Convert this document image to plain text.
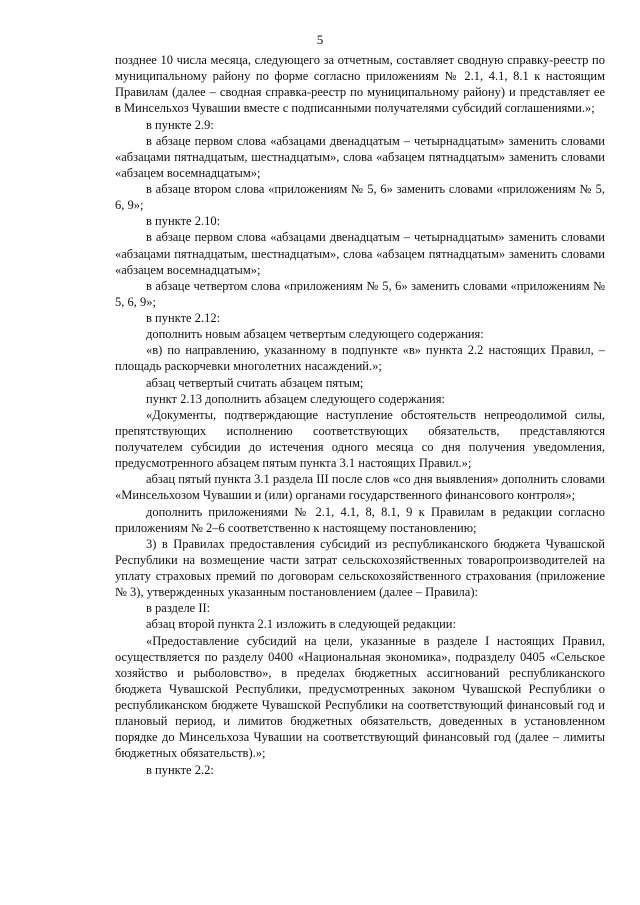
5

позднее 10 числа месяца, следующего за отчетным, составляет сводную справку-реестр по муниципальному району по форме согласно приложениям № 2.1, 4.1, 8.1 к настоящим Правилам (далее – сводная справка-реестр по муниципальному району) и представляет ее в Минсельхоз Чувашии вместе с подписанными получателями субсидий соглашениями.»;

в пункте 2.9:

в абзаце первом слова «абзацами двенадцатым – четырнадцатым» заменить словами «абзацами пятнадцатым, шестнадцатым», слова «абзацем пятнадцатым» заменить словами «абзацем восемнадцатым»;

в абзаце втором слова «приложениям № 5, 6» заменить словами «приложениям № 5, 6, 9»;

в пункте 2.10:

в абзаце первом слова «абзацами двенадцатым – четырнадцатым» заменить словами «абзацами пятнадцатым, шестнадцатым», слова «абзацем пятнадцатым» заменить словами «абзацем восемнадцатым»;

в абзаце четвертом слова «приложениям № 5, 6» заменить словами «приложениям № 5, 6, 9»;

в пункте 2.12:

дополнить новым абзацем четвертым следующего содержания:

«в) по направлению, указанному в подпункте «в» пункта 2.2 настоящих Правил, – площадь раскорчевки многолетних насаждений.»;

абзац четвертый считать абзацем пятым;

пункт 2.13 дополнить абзацем следующего содержания:

«Документы, подтверждающие наступление обстоятельств непреодолимой силы, препятствующих исполнению соответствующих обязательств, представляются получателем субсидии до истечения одного месяца со дня получения уведомления, предусмотренного абзацем пятым пункта 3.1 настоящих Правил.»;

абзац пятый пункта 3.1 раздела III после слов «со дня выявления» дополнить словами «Минсельхозом Чувашии и (или) органами государственного финансового контроля»;

дополнить приложениями № 2.1, 4.1, 8, 8.1, 9 к Правилам в редакции согласно приложениям № 2–6 соответственно к настоящему постановлению;

3) в Правилах предоставления субсидий из республиканского бюджета Чувашской Республики на возмещение части затрат сельскохозяйственных товаропроизводителей на уплату страховых премий по договорам сельскохозяйственного страхования (приложение № 3), утвержденных указанным постановлением (далее – Правила):

в разделе II:

абзац второй пункта 2.1 изложить в следующей редакции:

«Предоставление субсидий на цели, указанные в разделе I настоящих Правил, осуществляется по разделу 0400 «Национальная экономика», подразделу 0405 «Сельское хозяйство и рыболовство», в пределах бюджетных ассигнований республиканского бюджета Чувашской Республики, предусмотренных законом Чувашской Республики о республиканском бюджете Чувашской Республики на соответствующий финансовый год и плановый период, и лимитов бюджетных обязательств, доведенных в установленном порядке до Минсельхоза Чувашии на соответствующий финансовый год (далее – лимиты бюджетных обязательств).»;

в пункте 2.2:
